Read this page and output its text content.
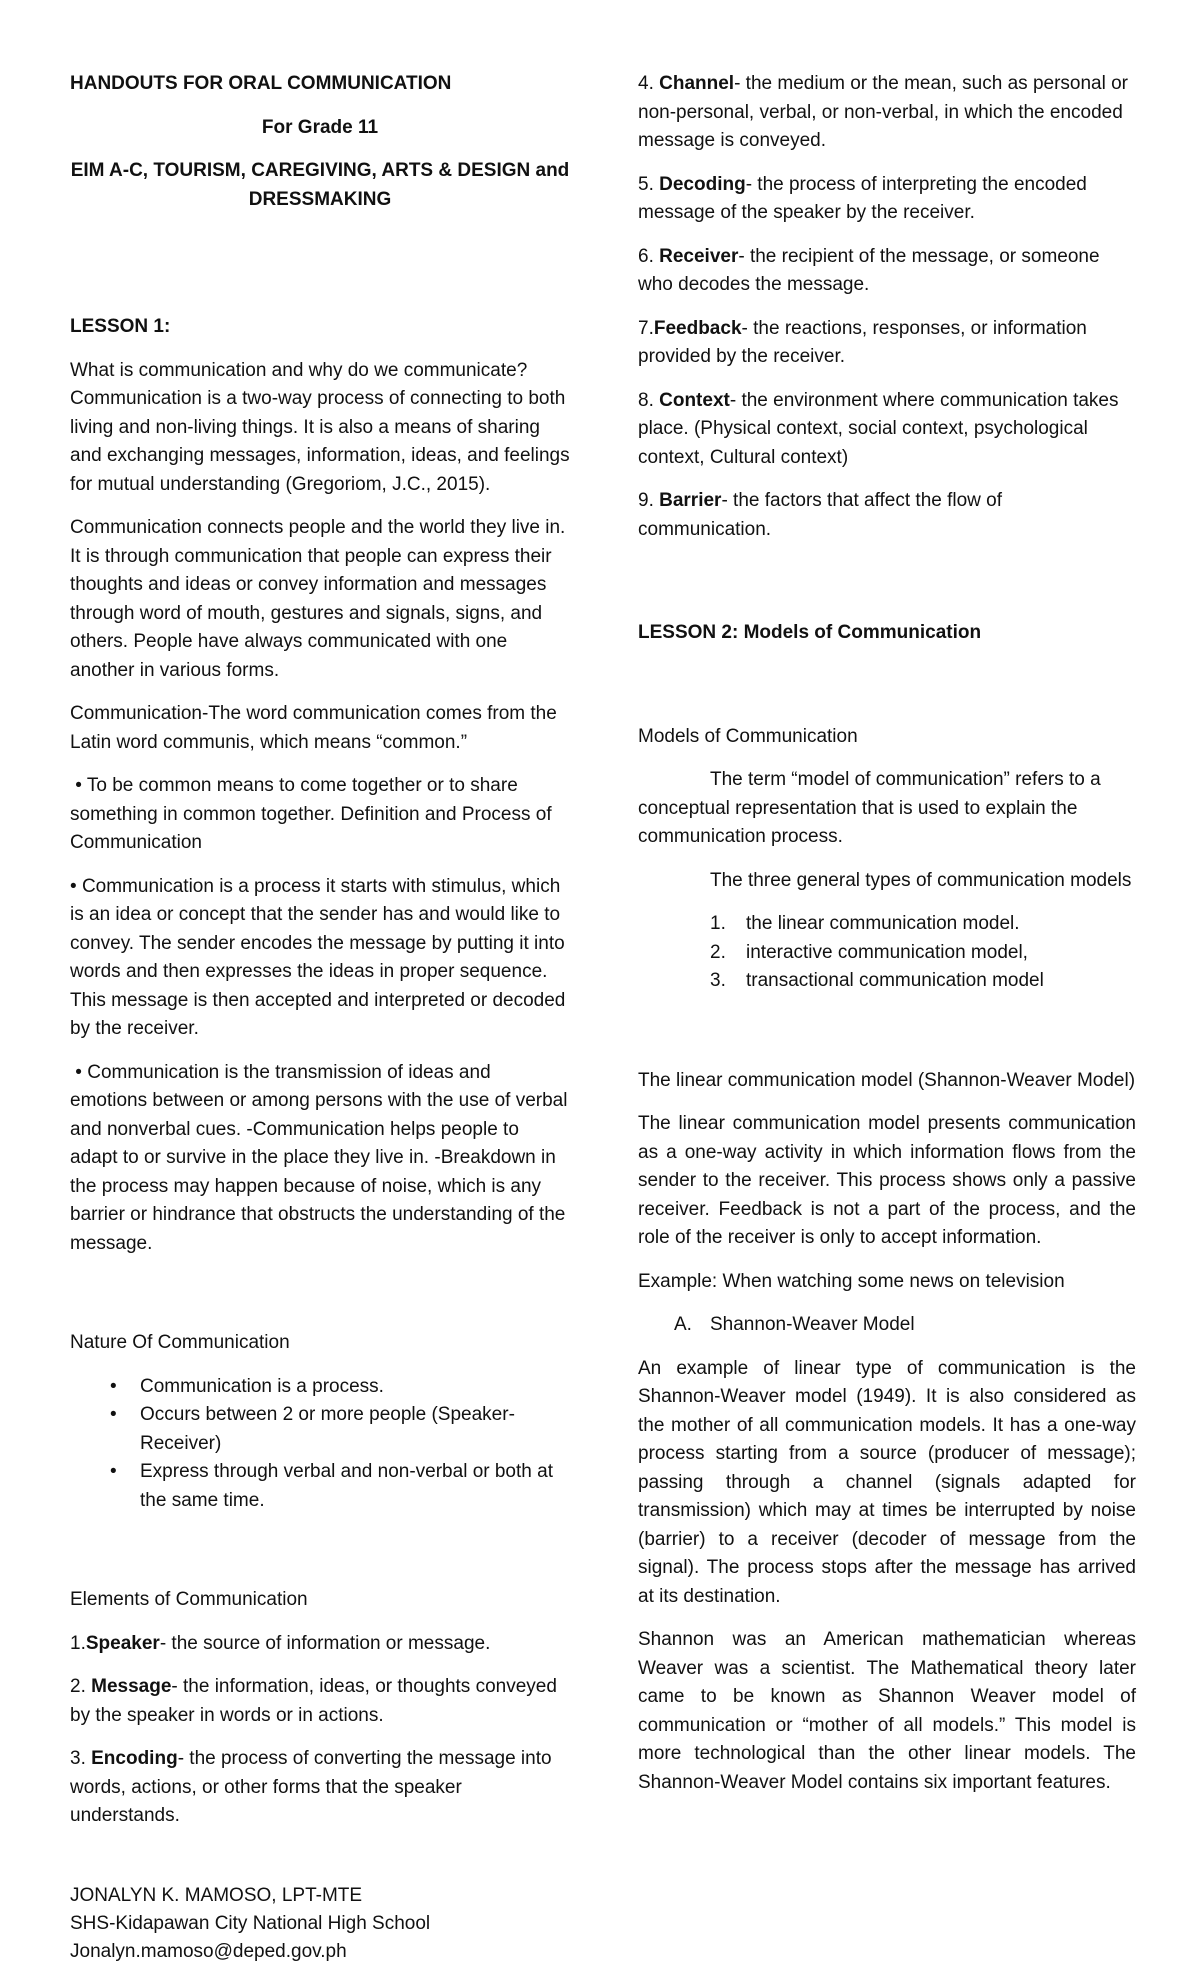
HANDOUTS FOR ORAL COMMUNICATION

For Grade 11

EIM A-C, TOURISM, CAREGIVING, ARTS & DESIGN and DRESSMAKING

LESSON 1:

What is communication and why do we communicate? Communication is a two-way process of connecting to both living and non-living things. It is also a means of sharing and exchanging messages, information, ideas, and feelings for mutual understanding (Gregoriom, J.C., 2015).

Communication connects people and the world they live in. It is through communication that people can express their thoughts and ideas or convey information and messages through word of mouth, gestures and signals, signs, and others. People have always communicated with one another in various forms.

Communication-The word communication comes from the Latin word communis, which means “common.”

• To be common means to come together or to share something in common together. Definition and Process of Communication

• Communication is a process it starts with stimulus, which is an idea or concept that the sender has and would like to convey. The sender encodes the message by putting it into words and then expresses the ideas in proper sequence. This message is then accepted and interpreted or decoded by the receiver.

• Communication is the transmission of ideas and emotions between or among persons with the use of verbal and nonverbal cues. -Communication helps people to adapt to or survive in the place they live in. -Breakdown in the process may happen because of noise, which is any barrier or hindrance that obstructs the understanding of the message.

Nature Of Communication

• Communication is a process.
• Occurs between 2 or more people (Speaker-Receiver)
• Express through verbal and non-verbal or both at the same time.

Elements of Communication

1.Speaker- the source of information or message.

2. Message- the information, ideas, or thoughts conveyed by the speaker in words or in actions.

3. Encoding- the process of converting the message into words, actions, or other forms that the speaker understands.

JONALYN K. MAMOSO, LPT-MTE
SHS-Kidapawan City National High School
Jonalyn.mamoso@deped.gov.ph

4. Channel- the medium or the mean, such as personal or non-personal, verbal, or non-verbal, in which the encoded message is conveyed.

5. Decoding- the process of interpreting the encoded message of the speaker by the receiver.

6. Receiver- the recipient of the message, or someone who decodes the message.

7.Feedback- the reactions, responses, or information provided by the receiver.

8. Context- the environment where communication takes place. (Physical context, social context, psychological context, Cultural context)

9. Barrier- the factors that affect the flow of communication.

LESSON 2: Models of Communication

Models of Communication

The term “model of communication” refers to a conceptual representation that is used to explain the communication process.

The three general types of communication models

1. the linear communication model.
2. interactive communication model,
3. transactional communication model

The linear communication model (Shannon-Weaver Model)

The linear communication model presents communication as a one-way activity in which information flows from the sender to the receiver. This process shows only a passive receiver. Feedback is not a part of the process, and the role of the receiver is only to accept information.

Example: When watching some news on television

A. Shannon-Weaver Model

An example of linear type of communication is the Shannon-Weaver model (1949). It is also considered as the mother of all communication models. It has a one‐way process starting from a source (producer of message); passing through a channel (signals adapted for transmission) which may at times be interrupted by noise (barrier) to a receiver (decoder of message from the signal). The process stops after the message has arrived at its destination.

Shannon was an American mathematician whereas Weaver was a scientist. The Mathematical theory later came to be known as Shannon Weaver model of communication or “mother of all models.” This model is more technological than the other linear models. The Shannon-Weaver Model contains six important features.
